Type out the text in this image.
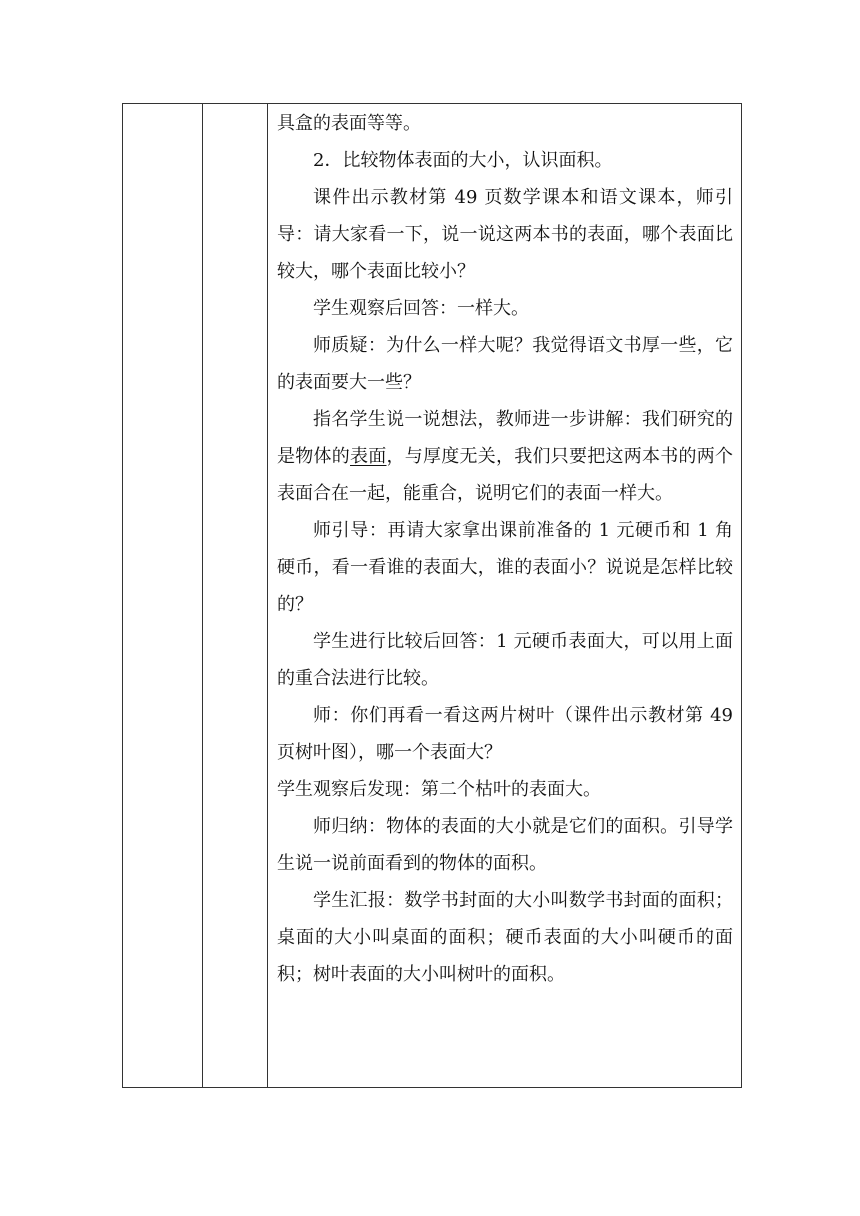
具盒的表面等等。

2．比较物体表面的大小，认识面积。

课件出示教材第 49 页数学课本和语文课本，师引导：请大家看一下，说一说这两本书的表面，哪个表面比较大，哪个表面比较小？

学生观察后回答：一样大。

师质疑：为什么一样大呢？我觉得语文书厚一些，它的表面要大一些？

指名学生说一说想法，教师进一步讲解：我们研究的是物体的表面，与厚度无关，我们只要把这两本书的两个表面合在一起，能重合，说明它们的表面一样大。

师引导：再请大家拿出课前准备的 1 元硬币和 1 角硬币，看一看谁的表面大，谁的表面小？说说是怎样比较的？

学生进行比较后回答：1 元硬币表面大，可以用上面的重合法进行比较。

师：你们再看一看这两片树叶（课件出示教材第 49 页树叶图），哪一个表面大？

学生观察后发现：第二个枯叶的表面大。

师归纳：物体的表面的大小就是它们的面积。引导学生说一说前面看到的物体的面积。

学生汇报：数学书封面的大小叫数学书封面的面积；桌面的大小叫桌面的面积；硬币表面的大小叫硬币的面积；树叶表面的大小叫树叶的面积。
